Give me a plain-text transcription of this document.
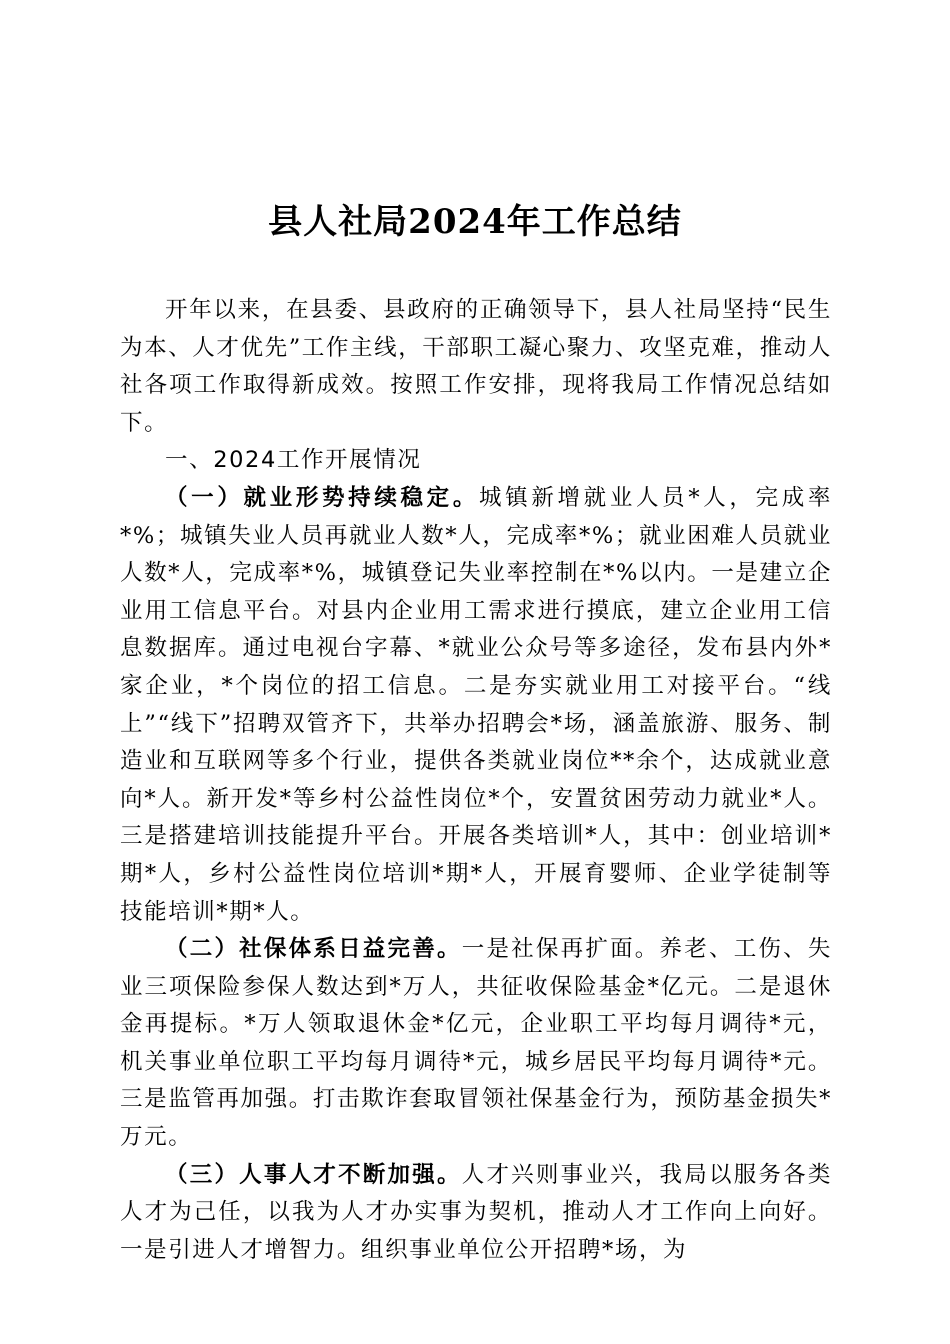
县人社局2024年工作总结

开年以来，在县委、县政府的正确领导下，县人社局坚持“民生为本、人才优先”工作主线，干部职工凝心聚力、攻坚克难，推动人社各项工作取得新成效。按照工作安排，现将我局工作情况总结如下。

一、2024工作开展情况

（一）就业形势持续稳定。城镇新增就业人员*人，完成率*%；城镇失业人员再就业人数*人，完成率*%；就业困难人员就业人数*人，完成率*%，城镇登记失业率控制在*%以内。一是建立企业用工信息平台。对县内企业用工需求进行摸底，建立企业用工信息数据库。通过电视台字幕、*就业公众号等多途径，发布县内外*家企业，*个岗位的招工信息。二是夯实就业用工对接平台。“线上”“线下”招聘双管齐下，共举办招聘会*场，涵盖旅游、服务、制造业和互联网等多个行业，提供各类就业岗位**余个，达成就业意向*人。新开发*等乡村公益性岗位*个，安置贫困劳动力就业*人。三是搭建培训技能提升平台。开展各类培训*人，其中：创业培训*期*人，乡村公益性岗位培训*期*人，开展育婴师、企业学徒制等技能培训*期*人。

（二）社保体系日益完善。一是社保再扩面。养老、工伤、失业三项保险参保人数达到*万人，共征收保险基金*亿元。二是退休金再提标。*万人领取退休金*亿元，企业职工平均每月调待*元，机关事业单位职工平均每月调待*元，城乡居民平均每月调待*元。三是监管再加强。打击欺诈套取冒领社保基金行为，预防基金损失*万元。

（三）人事人才不断加强。人才兴则事业兴，我局以服务各类人才为己任，以我为人才办实事为契机，推动人才工作向上向好。一是引进人才增智力。组织事业单位公开招聘*场，为
